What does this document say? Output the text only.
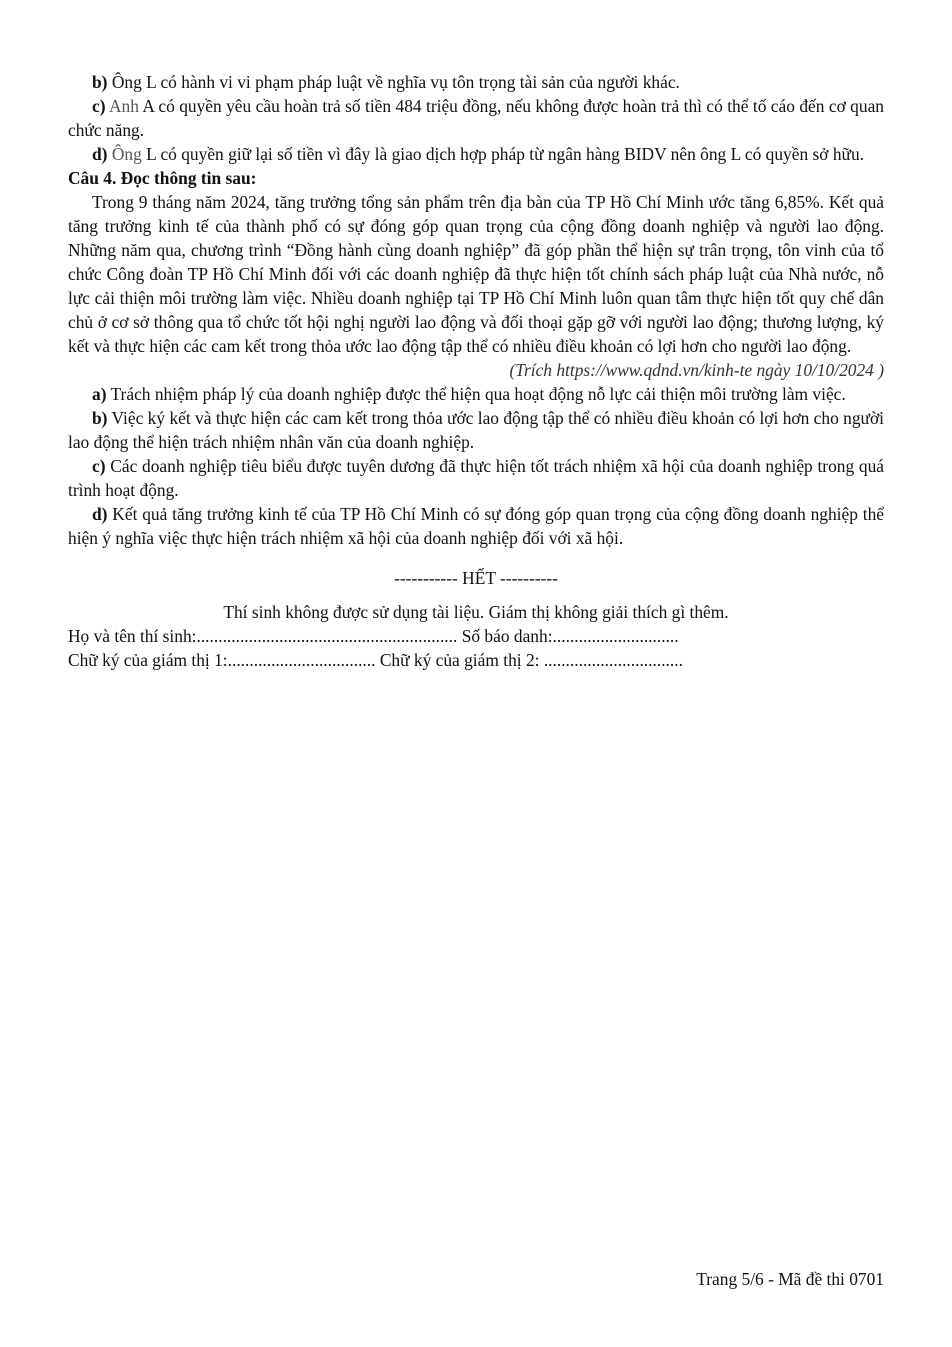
b) Ông L có hành vi vi phạm pháp luật về nghĩa vụ tôn trọng tài sản của người khác.

c) Anh A có quyền yêu cầu hoàn trả số tiền 484 triệu đồng, nếu không được hoàn trả thì có thể tố cáo đến cơ quan chức năng.

d) Ông L có quyền giữ lại số tiền vì đây là giao dịch hợp pháp từ ngân hàng BIDV nên ông L có quyền sở hữu.

Câu 4. Đọc thông tin sau:

Trong 9 tháng năm 2024, tăng trưởng tổng sản phẩm trên địa bàn của TP Hồ Chí Minh ước tăng 6,85%. Kết quả tăng trưởng kinh tế của thành phố có sự đóng góp quan trọng của cộng đồng doanh nghiệp và người lao động. Những năm qua, chương trình “Đồng hành cùng doanh nghiệp” đã góp phần thể hiện sự trân trọng, tôn vinh của tổ chức Công đoàn TP Hồ Chí Minh đối với các doanh nghiệp đã thực hiện tốt chính sách pháp luật của Nhà nước, nỗ lực cải thiện môi trường làm việc. Nhiều doanh nghiệp tại TP Hồ Chí Minh luôn quan tâm thực hiện tốt quy chế dân chủ ở cơ sở thông qua tổ chức tốt hội nghị người lao động và đối thoại gặp gỡ với người lao động; thương lượng, ký kết và thực hiện các cam kết trong thỏa ước lao động tập thể có nhiều điều khoản có lợi hơn cho người lao động.

(Trích https://www.qdnd.vn/kinh-te ngày 10/10/2024 )

a) Trách nhiệm pháp lý của doanh nghiệp được thể hiện qua hoạt động nỗ lực cải thiện môi trường làm việc.

b) Việc ký kết và thực hiện các cam kết trong thỏa ước lao động tập thể có nhiều điều khoản có lợi hơn cho người lao động thể hiện trách nhiệm nhân văn của doanh nghiệp.

c) Các doanh nghiệp tiêu biểu được tuyên dương đã thực hiện tốt trách nhiệm xã hội của doanh nghiệp trong quá trình hoạt động.

d) Kết quả tăng trưởng kinh tế của TP Hồ Chí Minh có sự đóng góp quan trọng của cộng đồng doanh nghiệp thể hiện ý nghĩa việc thực hiện trách nhiệm xã hội của doanh nghiệp đối với xã hội.

----------- HẾT ----------

Thí sinh không được sử dụng tài liệu. Giám thị không giải thích gì thêm.

Họ và tên thí sinh:............................................................
Số báo danh:.............................
Chữ ký của giám thị 1:..................................
Chữ ký của giám thị 2: ................................
Trang 5/6 - Mã đề thi 0701
